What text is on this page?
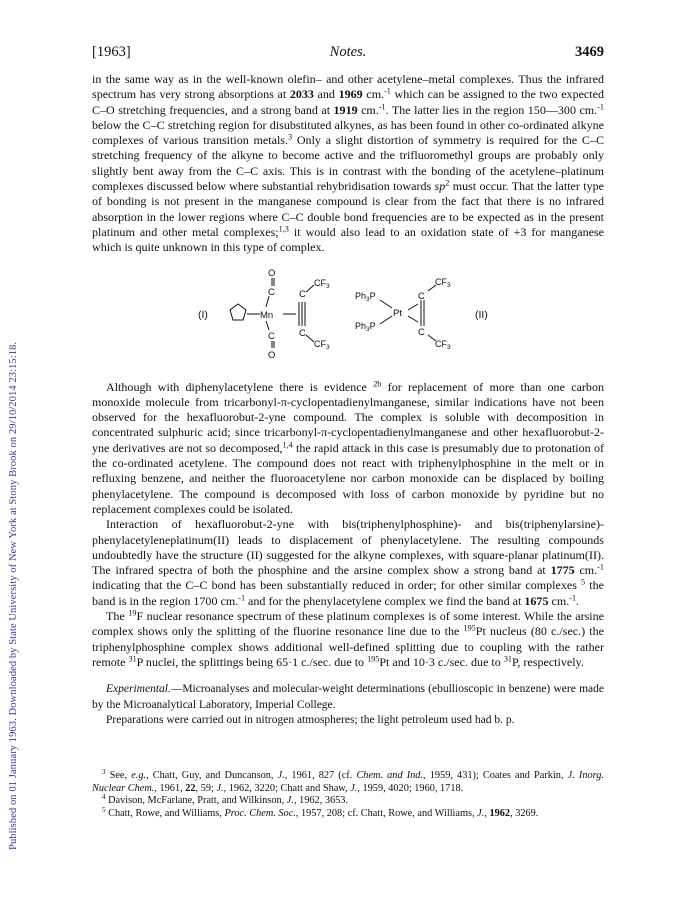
Published on 01 January 1963. Downloaded by State University of New York at Stony Brook on 29/10/2014 23:15:18.
[1963]	Notes.	3469

in the same way as in the well-known olefin– and other acetylene–metal complexes. Thus the infrared spectrum has very strong absorptions at 2033 and 1969 cm.$^{-1}$ which can be assigned to the two expected C–O stretching frequencies, and a strong band at 1919 cm.$^{-1}$. The latter lies in the region 150—300 cm.$^{-1}$ below the C–C stretching region for disubstituted alkynes, as has been found in other co-ordinated alkyne complexes of various transition metals.$^3$ Only a slight distortion of symmetry is required for the C–C stretching frequency of the alkyne to become active and the trifluoromethyl groups are probably only slightly bent away from the C–C axis. This is in contrast with the bonding of the acetylene–platinum complexes discussed below where substantial rehybridisation towards $sp^2$ must occur. That the latter type of bonding is not present in the manganese compound is clear from the fact that there is no infrared absorption in the lower regions where C–C double bond frequencies are to be expected as in the present platinum and other metal complexes;$^{1,3}$ it would also lead to an oxidation state of +3 for manganese which is quite unknown in this type of complex.

(I)
O
C
Mn
C
O
C
C
$CF_3$
$CF_3$
$Ph_3P$
$Ph_3P$
Pt
C
C
$CF_3$
$CF_3$
(II)

Although with diphenylacetylene there is evidence $^{2b}$ for replacement of more than one carbon monoxide molecule from tricarbonyl-π-cyclopentadienylmanganese, similar indications have not been observed for the hexafluorobut-2-yne compound. The complex is soluble with decomposition in concentrated sulphuric acid; since tricarbonyl-π-cyclopentadienylmanganese and other hexafluorobut-2-yne derivatives are not so decomposed,$^{1,4}$ the rapid attack in this case is presumably due to protonation of the co-ordinated acetylene. The compound does not react with triphenylphosphine in the melt or in refluxing benzene, and neither the fluoroacetylene nor carbon monoxide can be displaced by boiling phenylacetylene. The compound is decomposed with loss of carbon monoxide by pyridine but no replacement complexes could be isolated.

Interaction of hexafluorobut-2-yne with bis(triphenylphosphine)- and bis(triphenylarsine)-phenylacetyleneplatinum(II) leads to displacement of phenylacetylene. The resulting compounds undoubtedly have the structure (II) suggested for the alkyne complexes, with square-planar platinum(II). The infrared spectra of both the phosphine and the arsine complex show a strong band at 1775 cm.$^{-1}$ indicating that the C–C bond has been substantially reduced in order; for other similar complexes $^5$ the band is in the region 1700 cm.$^{-1}$ and for the phenylacetylene complex we find the band at 1675 cm.$^{-1}$.

The $^{19}$F nuclear resonance spectrum of these platinum complexes is of some interest. While the arsine complex shows only the splitting of the fluorine resonance line due to the $^{195}$Pt nucleus (80 c./sec.) the triphenylphosphine complex shows additional well-defined splitting due to coupling with the rather remote $^{31}$P nuclei, the splittings being 65·1 c./sec. due to $^{195}$Pt and 10·3 c./sec. due to $^{31}$P, respectively.

Experimental.—Microanalyses and molecular-weight determinations (ebullioscopic in benzene) were made by the Microanalytical Laboratory, Imperial College.

Preparations were carried out in nitrogen atmospheres; the light petroleum used had b. p.

$^3$ See, e.g., Chatt, Guy, and Duncanson, J., 1961, 827 (cf. Chem. and Ind., 1959, 431); Coates and Parkin, J. Inorg. Nuclear Chem., 1961, 22, 59; J., 1962, 3220; Chatt and Shaw, J., 1959, 4020; 1960, 1718.

$^4$ Davison, McFarlane, Pratt, and Wilkinson, J., 1962, 3653.

$^5$ Chatt, Rowe, and Williams, Proc. Chem. Soc., 1957, 208; cf. Chatt, Rowe, and Williams, J., 1962, 3269.
